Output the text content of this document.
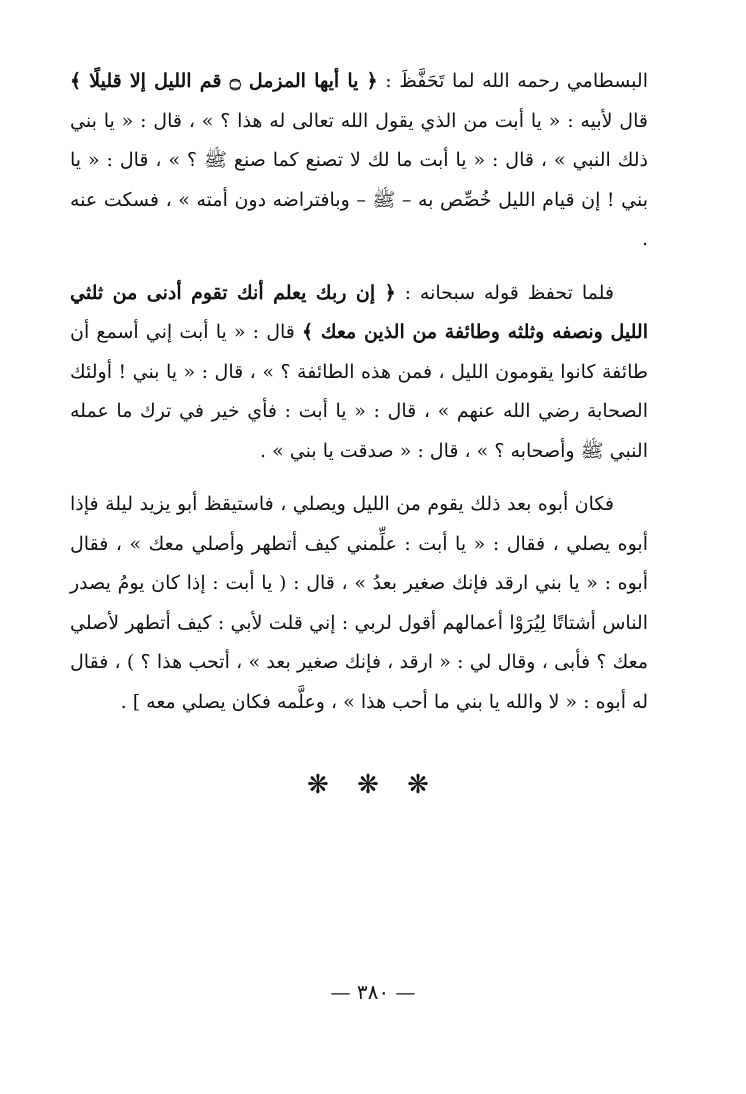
البسطامي رحمه الله لما تَحَفَّظَ : ﴿ يا أيها المزمل ۝ قم الليل إلا قليلًا ﴾ قال لأبيه : « يا أبت من الذي يقول الله تعالى له هذا ؟ » ، قال : « يا بني ذلك النبي » ، قال : « يا أبت ما لك لا تصنع كما صنع ﷺ ؟ » ، قال : « يا بني ! إن قيام الليل خُصِّص به – ﷺ – وبافتراضه دون أمته » ، فسكت عنه .

فلما تحفظ قوله سبحانه : ﴿ إن ربك يعلم أنك تقوم أدنى من ثلثي الليل ونصفه وثلثه وطائفة من الذين معك ﴾ قال : « يا أبت إني أسمع أن طائفة كانوا يقومون الليل ، فمن هذه الطائفة ؟ » ، قال : « يا بني ! أولئك الصحابة رضي الله عنهم » ، قال : « يا أبت : فأي خير في ترك ما عمله النبي ﷺ وأصحابه ؟ » ، قال : « صدقت يا بني » .

فكان أبوه بعد ذلك يقوم من الليل ويصلي ، فاستيقظ أبو يزيد ليلة فإذا أبوه يصلي ، فقال : « يا أبت : علِّمني كيف أتطهر وأصلي معك » ، فقال أبوه : « يا بني ارقد فإنك صغير بعدُ » ، قال : ( يا أبت : إذا كان يومُ يصدر الناس أشتاتًا لِيُرَوْا أعمالهم أقول لربي : إني قلت لأبي : كيف أتطهر لأصلي معك ؟ فأبى ، وقال لي : « ارقد ، فإنك صغير بعد » ، أتحب هذا ؟ ) ، فقال له أبوه : « لا والله يا بني ما أحب هذا » ، وعلَّمه فكان يصلي معه ] .

❋ ❋ ❋
— ٣٨٠ —
